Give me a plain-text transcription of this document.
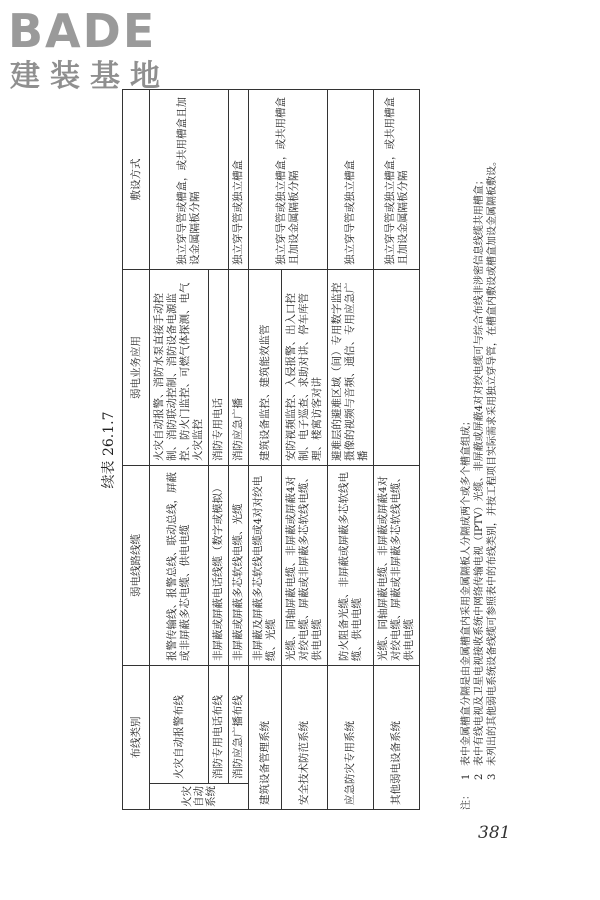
BADE
建装基地
续表 26.1.7
布线类别		弱电线路线缆	弱电业务应用	敷设方式
火灾自动系统	火灾自动报警布线	报警传输线、报警总线、联动总线，屏蔽或非屏蔽多芯电缆、供电电缆	火灾自动报警、消防水泵直接手动控制、消防联动控制、消防设备电源监控、防火门监控、可燃气体探测、电气火灾监控	独立穿导管或槽盒，或共用槽盒且加设金属隔板分隔
	消防专用电话布线	非屏蔽或屏蔽电话线缆（数字或模拟）	消防专用电话	
	消防应急广播布线	非屏蔽或屏蔽多芯软线电缆、光缆	消防应急广播	独立穿导管或独立槽盒
建筑设备管理系统		非屏蔽及屏蔽多芯软线电缆或4对对绞电缆、光缆	建筑设备监控、建筑能效监管	独立穿导管或独立槽盒，或共用槽盒且加设金属隔板分隔
安全技术防范系统		光缆、同轴屏蔽电缆、非屏蔽或屏蔽4对对绞电缆、屏蔽或非屏蔽多芯软线电缆、供电电缆	安防视频监控、入侵报警、出入口控制、电子巡查、求助对讲、停车库管理、楼寓访客对讲	
应急防灾专用系统		防火阻备光缆、非屏蔽或屏蔽多芯软线电缆、供电电缆	避难层的避难区域（间）专用数字监控摄像的视频与音频、通信、专用应急广播	独立穿导管或独立槽盒
其他弱电设备系统		光缆、同轴屏蔽电缆、非屏蔽或屏蔽4对对绞电缆、屏蔽或非屏蔽多芯软线电缆、供电电缆		独立穿导管或独立槽盒，或共用槽盒且加设金属隔板分隔
注：
1
表中金属槽盒分隔是由金属槽盒内采用金属隔板人分隔成两个或多个槽盒组成；
2
表中有线电视及卫星电视接收系统中网络传输电视（IPTV）光缆、非屏蔽或屏蔽4对对绞电缆可与综合布线非涉密信息线缆共用槽盒；
3
未列出的其他弱电系统设备线缆可参照表中的布线类别，并按工程项目实际需求采用独立穿导管，在槽盒内敷设或槽盒加设金属隔板敷设。
381
